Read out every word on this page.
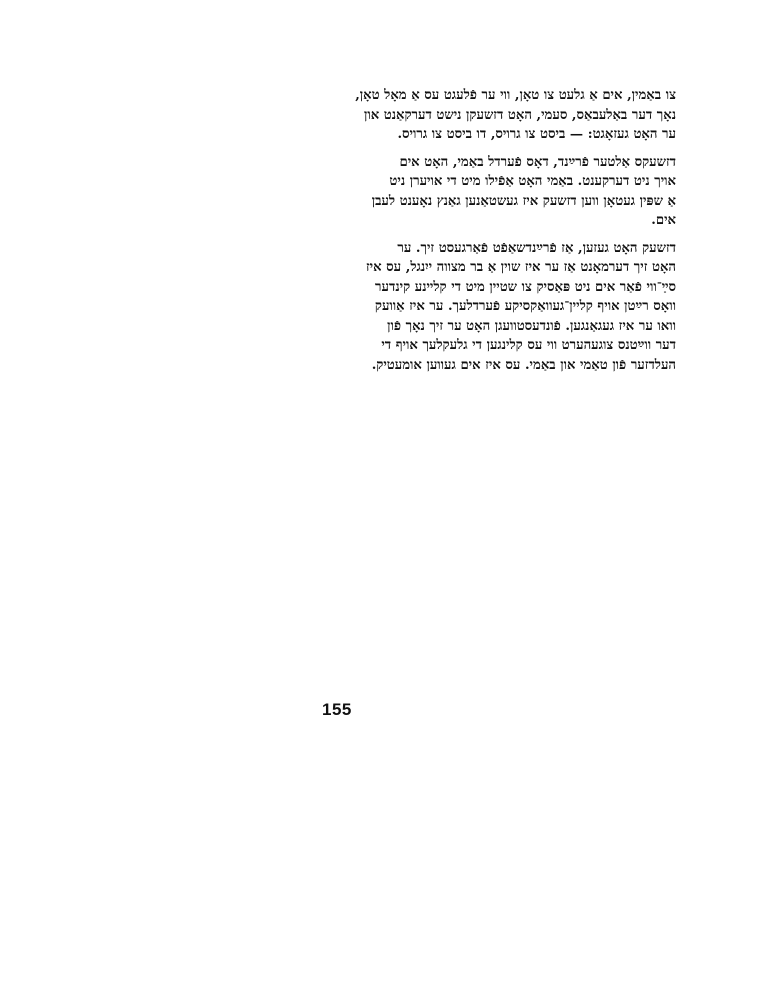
צו באַמין, אים אַ גלעט צו טאָן, ווי ער פֿלעגט עס אַ מאָל טאָן,
נאָך דער באַלעבאַס, סעמי, האָט דזשעקן נישט דערקאַנט און
ער האָט געזאָגט: — ביסט צו גרויס, דו ביסט צו גרויס.

דזשעקס אַלטער פֿרײַנד, דאָס פֿערדל באַמי, האָט אים
אויך ניט דערקענט. באַמי האָט אַפֿילו מיט די אויערן ניט
אַ שפּין געטאָן ווען דזשעק איז געשטאַנען גאַנץ נאָענט לעבן
אים.

דזשעק האָט געזען, אַז פֿרײַנדשאַפֿט פֿאַרגעסט זיך. ער
האָט זיך דערמאָנט אַז ער איז שוין אַ בר מצווה ייִנגל, עס איז
סײַ־ווי פֿאַר אים ניט פּאַסיק צו שטיין מיט די קליינע קינדער
וואָס רײַטן אויף קליין־געוואַקסיקע פֿערדלעך. ער איז אַוועק
וואו ער איז געגאַנגען. פֿונדעסטוועגן האָט ער זיך נאָך פֿון
דער ווײַטנס צוגעהערט ווי עס קלינגען די גלעקלעך אויף די
העלדזער פֿון טאַמי און באַמי. עס איז אים געווען אומעטיק.

155
